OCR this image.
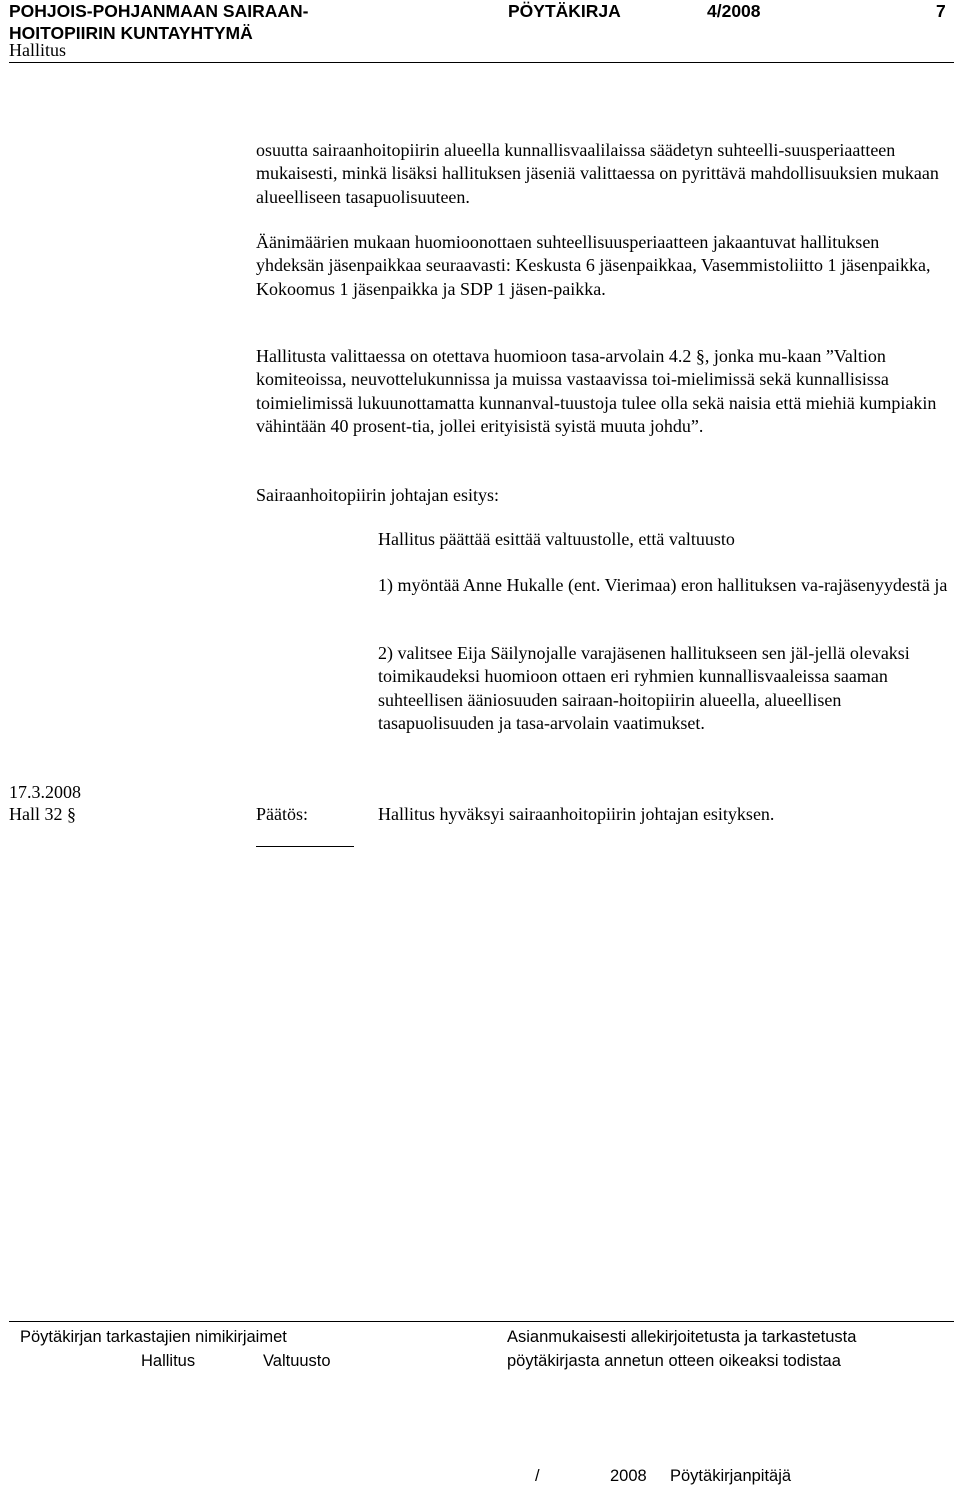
POHJOIS-POHJANMAAN SAIRAAN-HOITOPIIRIN KUNTAYHTYMÄ
PÖYTÄKIRJA	4/2008	7
Hallitus

osuutta sairaanhoitopiirin alueella kunnallisvaalilaissa säädetyn suhteelli-suusperiaatteen mukaisesti, minkä lisäksi hallituksen jäseniä valittaessa on pyrittävä mahdollisuuksien mukaan alueelliseen tasapuolisuuteen.

Äänimäärien mukaan huomioonottaen suhteellisuusperiaatteen jakaantuvat hallituksen yhdeksän jäsenpaikkaa seuraavasti: Keskusta 6 jäsenpaikkaa, Vasemmistoliitto 1 jäsenpaikka, Kokoomus 1 jäsenpaikka ja SDP 1 jäsen-paikka.

Hallitusta valittaessa on otettava huomioon tasa-arvolain 4.2 §, jonka mu-kaan ”Valtion komiteoissa, neuvottelukunnissa ja muissa vastaavissa toi-mielimissä sekä kunnallisissa toimielimissä lukuunottamatta kunnanval-tuustoja tulee olla sekä naisia että miehiä kumpiakin vähintään 40 prosent-tia, jollei erityisistä syistä muuta johdu”.

Sairaanhoitopiirin johtajan esitys:

Hallitus päättää esittää valtuustolle, että valtuusto

1) myöntää Anne Hukalle (ent. Vierimaa) eron hallituksen va-rajäsenyydestä ja

2) valitsee Eija Säilynojalle varajäsenen hallitukseen sen jäl-jellä olevaksi toimikaudeksi huomioon ottaen eri ryhmien kunnallisvaaleissa saaman suhteellisen ääniosuuden sairaan-hoitopiirin alueella, alueellisen tasapuolisuuden ja tasa-arvolain vaatimukset.

17.3.2008
Hall 32 §	Päätös:	Hallitus hyväksyi sairaanhoitopiirin johtajan esityksen.
Pöytäkirjan tarkastajien nimikirjaimet
Hallitus	Valtuusto
Asianmukaisesti allekirjoitetusta ja tarkastetusta
pöytäkirjasta annetun otteen oikeaksi todistaa
/	2008 Pöytäkirjanpitäjä
